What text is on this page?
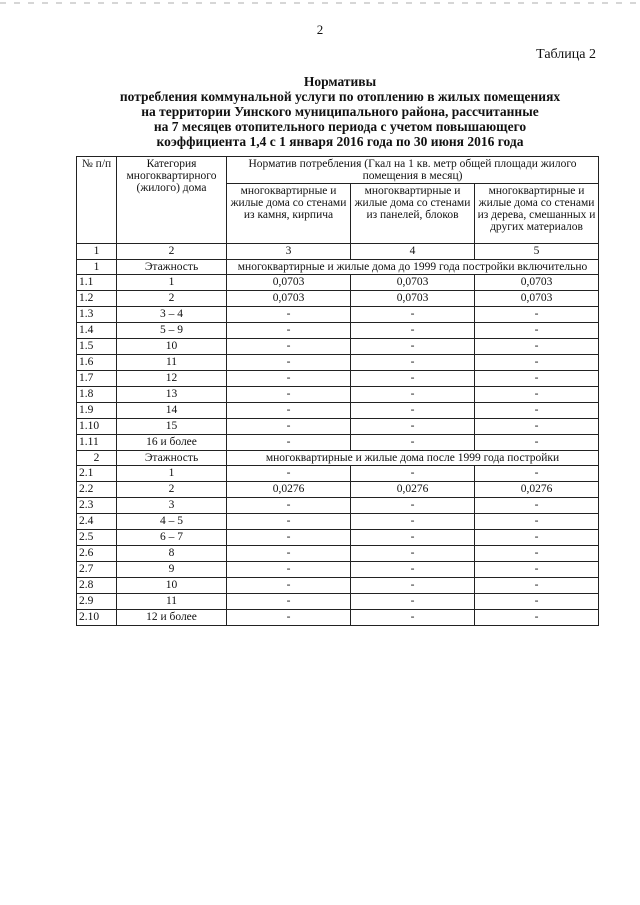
2
Таблица 2
Нормативы
потребления коммунальной услуги по отоплению в жилых помещениях
на территории Уинского муниципального района, рассчитанные
на 7 месяцев отопительного периода с учетом повышающего
коэффициента 1,4 с 1 января 2016 года по 30 июня 2016 года
№ п/п	Категория многоквартирного (жилого) дома	Норматив потребления (Гкал на 1 кв. метр общей площади жилого помещения в месяц)		
		многоквартирные и жилые дома со стенами из камня, кирпича	многоквартирные и жилые дома со стенами из панелей, блоков	многоквартирные и жилые дома со стенами из дерева, смешанных и других материалов
1	2	3	4	5
1	Этажность	многоквартирные и жилые дома до 1999 года постройки включительно		
1.1	1	0,0703	0,0703	0,0703
1.2	2	0,0703	0,0703	0,0703
1.3	3 – 4	-	-	-
1.4	5 – 9	-	-	-
1.5	10	-	-	-
1.6	11	-	-	-
1.7	12	-	-	-
1.8	13	-	-	-
1.9	14	-	-	-
1.10	15	-	-	-
1.11	16 и более	-	-	-
2	Этажность	многоквартирные и жилые дома после 1999 года постройки		
2.1	1	-	-	-
2.2	2	0,0276	0,0276	0,0276
2.3	3	-	-	-
2.4	4 – 5	-	-	-
2.5	6 – 7	-	-	-
2.6	8	-	-	-
2.7	9	-	-	-
2.8	10	-	-	-
2.9	11	-	-	-
2.10	12 и более	-	-	-
